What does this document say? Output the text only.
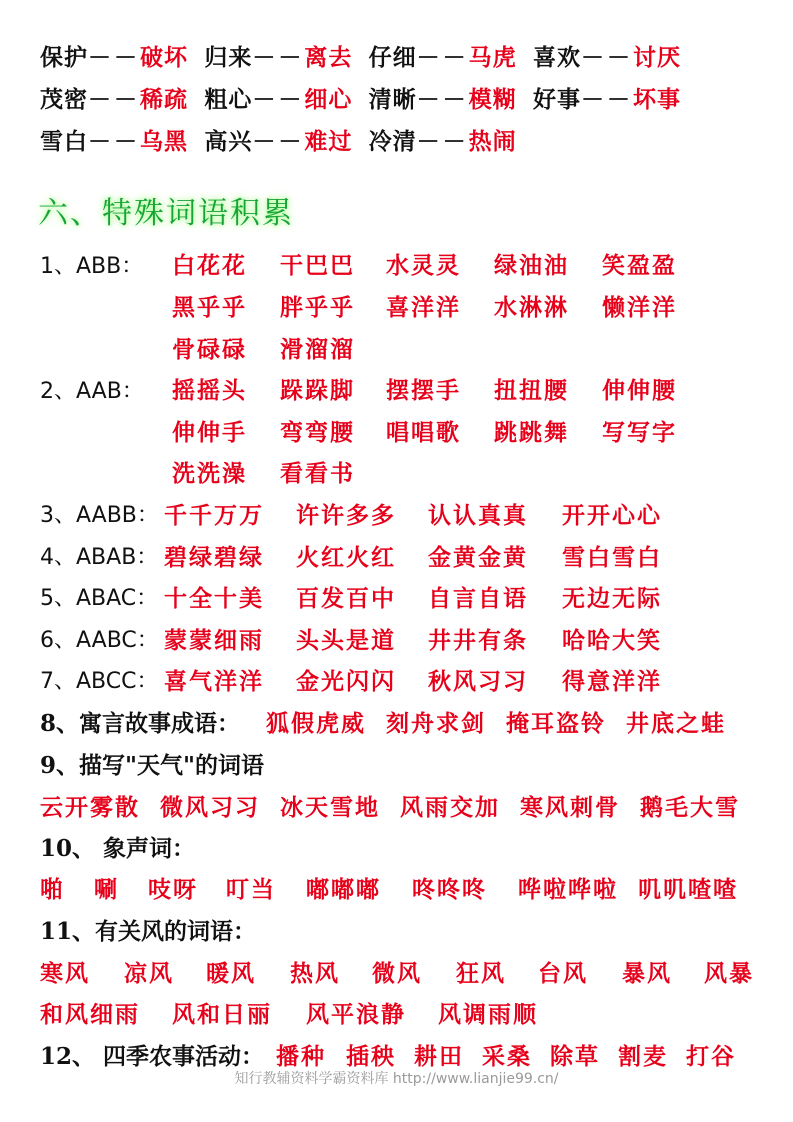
保护－－破坏 归来－－离去 仔细－－马虎 喜欢－－讨厌
茂密－－稀疏 粗心－－细心 清晰－－模糊 好事－－坏事
雪白－－乌黑 高兴－－难过 冷清－－热闹
六、特殊词语积累
1、ABB： 白花花 干巴巴 水灵灵 绿油油 笑盈盈
黑乎乎 胖乎乎 喜洋洋 水淋淋 懒洋洋
骨碌碌 滑溜溜
2、AAB： 摇摇头 跺跺脚 摆摆手 扭扭腰 伸伸腰
伸伸手 弯弯腰 唱唱歌 跳跳舞 写写字
洗洗澡 看看书
3、AABB： 千千万万 许许多多 认认真真 开开心心
4、ABAB： 碧绿碧绿 火红火红 金黄金黄 雪白雪白
5、ABAC： 十全十美 百发百中 自言自语 无边无际
6、AABC： 蒙蒙细雨 头头是道 井井有条 哈哈大笑
7、ABCC： 喜气洋洋 金光闪闪 秋风习习 得意洋洋
8、寓言故事成语： 狐假虎威 刻舟求剑 掩耳盗铃 井底之蛙
9、描写"天气"的词语
云开雾散 微风习习 冰天雪地 风雨交加 寒风刺骨 鹅毛大雪
10、 象声词：
啪 唰 吱呀 叮当 嘟嘟嘟 咚咚咚 哗啦哗啦 叽叽喳喳
11、有关风的词语：
寒风 凉风 暖风 热风 微风 狂风 台风 暴风 风暴
和风细雨 风和日丽 风平浪静 风调雨顺
12、 四季农事活动： 播种 插秧 耕田 采桑 除草 割麦 打谷
知行教辅资料学霸资料库 http://www.lianjie99.cn/
